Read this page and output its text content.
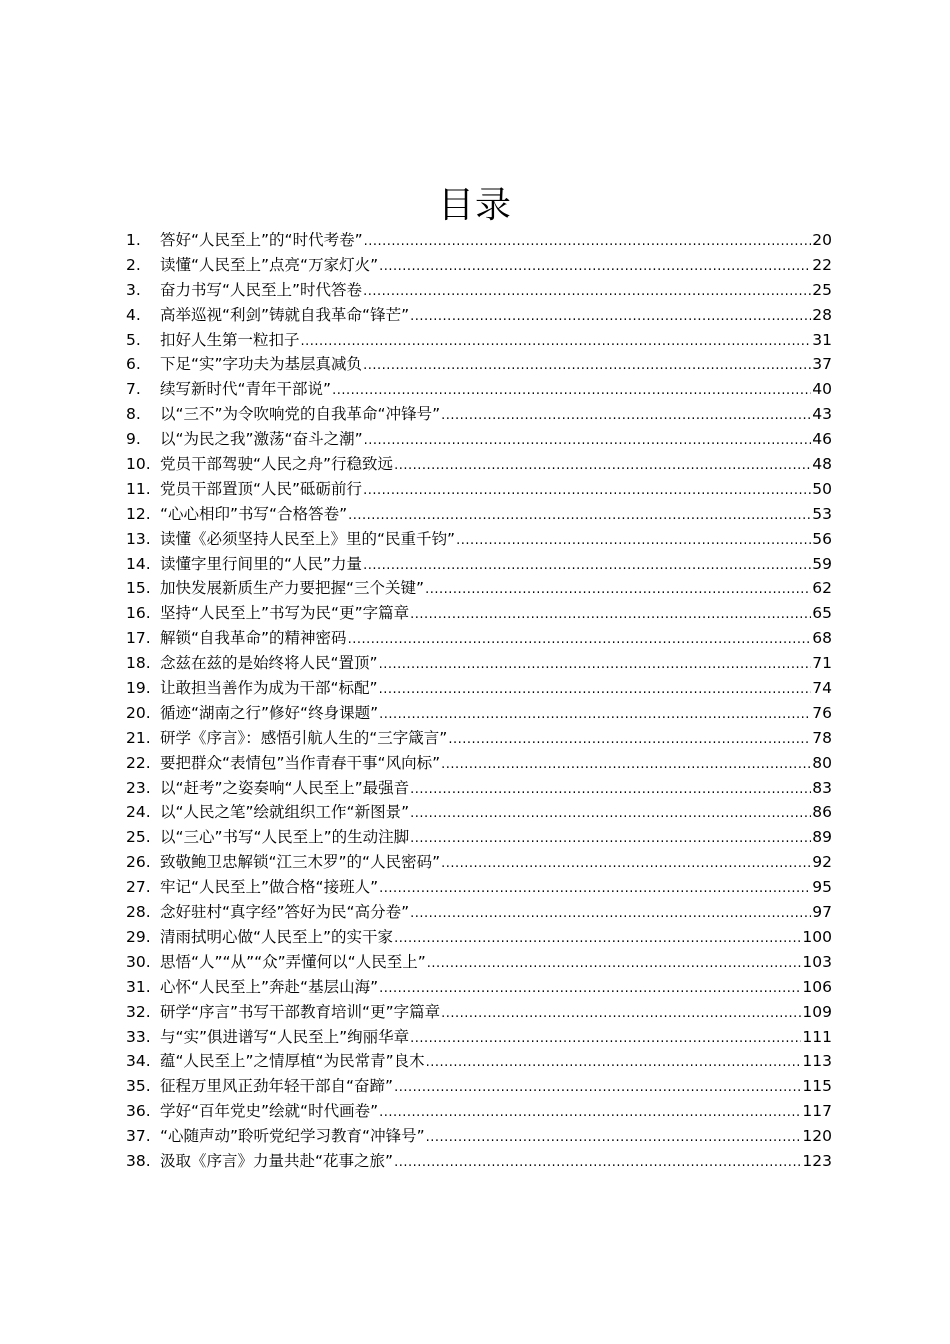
目录
1.	答好“人民至上”的“时代考卷” .....	20
2.	读懂“人民至上”点亮“万家灯火” .....	22
3.	奋力书写“人民至上”时代答卷 .....	25
4.	高举巡视“利剑”铸就自我革命“锋芒” .....	28
5.	扣好人生第一粒扣子 .....	31
6.	下足“实”字功夫为基层真减负 .....	37
7.	续写新时代“青年干部说” .....	40
8.	以“三不”为令吹响党的自我革命“冲锋号” .....	43
9.	以“为民之我”激荡“奋斗之潮” .....	46
10. 党员干部驾驶“人民之舟”行稳致远 .....	48
11. 党员干部置顶“人民”砥砺前行 .....	50
12. “心心相印”书写“合格答卷” .....	53
13. 读懂《必须坚持人民至上》里的“民重千钧” .....	56
14. 读懂字里行间里的“人民”力量 .....	59
15. 加快发展新质生产力要把握“三个关键” .....	62
16. 坚持“人民至上”书写为民“更”字篇章 .....	65
17. 解锁“自我革命”的精神密码 .....	68
18. 念兹在兹的是始终将人民“置顶” .....	71
19. 让敢担当善作为成为干部“标配” .....	74
20. 循迹“湖南之行”修好“终身课题” .....	76
21. 研学《序言》：感悟引航人生的“三字箴言” .....	78
22. 要把群众“表情包”当作青春干事“风向标” .....	80
23. 以“赶考”之姿奏响“人民至上”最强音 .....	83
24. 以“人民之笔”绘就组织工作“新图景” .....	86
25. 以“三心”书写“人民至上”的生动注脚 .....	89
26. 致敬鲍卫忠解锁“江三木罗”的“人民密码” .....	92
27. 牢记“人民至上”做合格“接班人” .....	95
28. 念好驻村“真字经”答好为民“高分卷” .....	97
29. 清雨拭明心做“人民至上”的实干家 .....	100
30. 思悟“人”“从”“众”弄懂何以“人民至上” .....	103
31. 心怀“人民至上”奔赴“基层山海” .....	106
32. 研学“序言”书写干部教育培训“更”字篇章 .....	109
33. 与“实”俱进谱写“人民至上”绚丽华章 .....	111
34. 蕴“人民至上”之情厚植“为民常青”良木 .....	113
35. 征程万里风正劲年轻干部自“奋蹄” .....	115
36. 学好“百年党史”绘就“时代画卷” .....	117
37. “心随声动”聆听党纪学习教育“冲锋号” .....	120
38. 汲取《序言》力量共赴“花事之旅” .....	123
